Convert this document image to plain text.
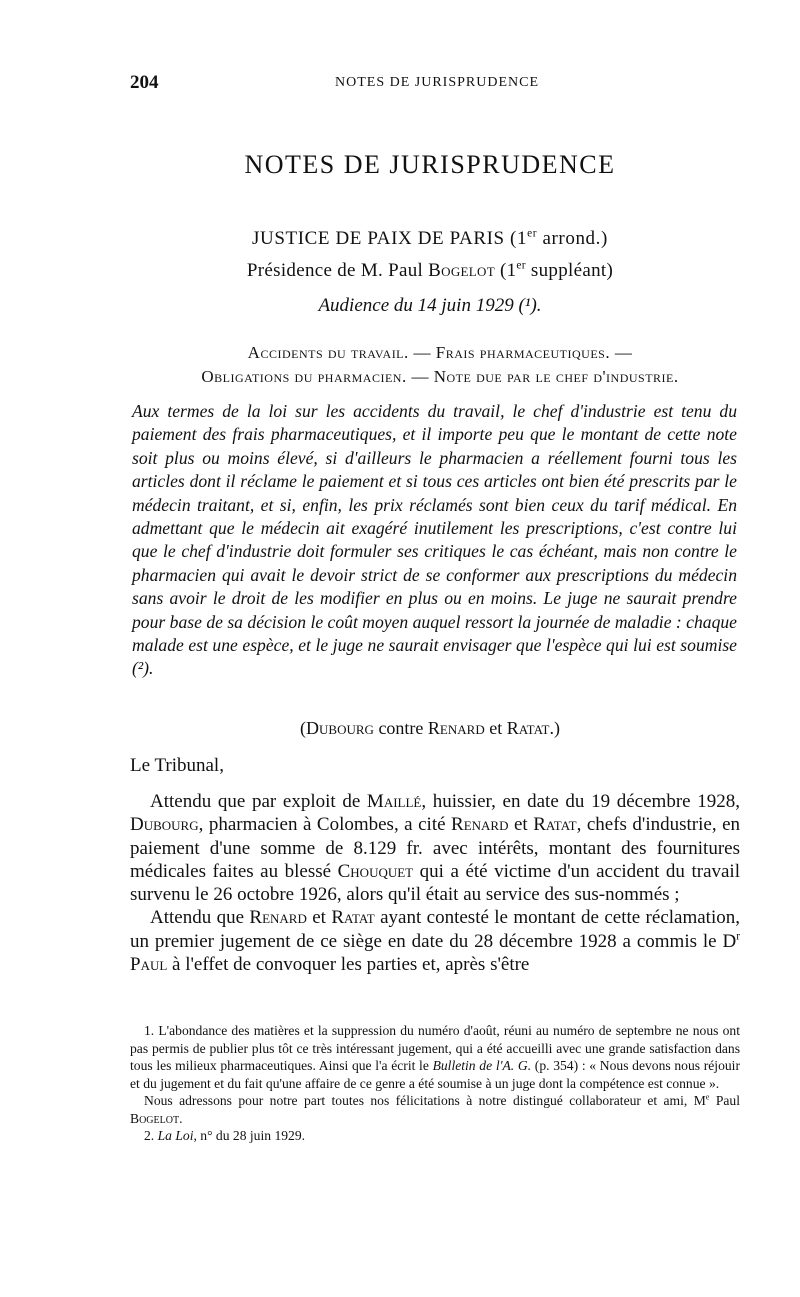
204	NOTES DE JURISPRUDENCE
NOTES DE JURISPRUDENCE
JUSTICE DE PAIX DE PARIS (1er arrond.)
Présidence de M. Paul Bogelot (1er suppléant)
Audience du 14 juin 1929 (¹).
Accidents du travail. — Frais pharmaceutiques. —
Obligations du pharmacien. — Note due par le chef d'industrie.
Aux termes de la loi sur les accidents du travail, le chef d'industrie est tenu du paiement des frais pharmaceutiques, et il importe peu que le montant de cette note soit plus ou moins élevé, si d'ailleurs le pharmacien a réellement fourni tous les articles dont il réclame le paiement et si tous ces articles ont bien été prescrits par le médecin traitant, et si, enfin, les prix réclamés sont bien ceux du tarif médical. En admettant que le médecin ait exagéré inutilement les prescriptions, c'est contre lui que le chef d'industrie doit formuler ses critiques le cas échéant, mais non contre le pharmacien qui avait le devoir strict de se conformer aux prescriptions du médecin sans avoir le droit de les modifier en plus ou en moins. Le juge ne saurait prendre pour base de sa décision le coût moyen auquel ressort la journée de maladie : chaque malade est une espèce, et le juge ne saurait envisager que l'espèce qui lui est soumise (²).
(Dubourg contre Renard et Ratat.)
Le Tribunal,

Attendu que par exploit de Maillé, huissier, en date du 19 décembre 1928, Dubourg, pharmacien à Colombes, a cité Renard et Ratat, chefs d'industrie, en paiement d'une somme de 8.129 fr. avec intérêts, montant des fournitures médicales faites au blessé Chouquet qui a été victime d'un accident du travail survenu le 26 octobre 1926, alors qu'il était au service des sus-nommés ;

Attendu que Renard et Ratat ayant contesté le montant de cette réclamation, un premier jugement de ce siège en date du 28 décembre 1928 a commis le $D^r$ Paul à l'effet de convoquer les parties et, après s'être

1. L'abondance des matières et la suppression du numéro d'août, réuni au numéro de septembre ne nous ont pas permis de publier plus tôt ce très intéressant jugement, qui a été accueilli avec une grande satisfaction dans tous les milieux pharmaceutiques. Ainsi que l'a écrit le Bulletin de l'A. G. (p. 354) : « Nous devons nous réjouir et du jugement et du fait qu'une affaire de ce genre a été soumise à un juge dont la compétence est connue ».

Nous adressons pour notre part toutes nos félicitations à notre distingué collaborateur et ami, Me Paul Bogelot.

2. La Loi, n° du 28 juin 1929.
